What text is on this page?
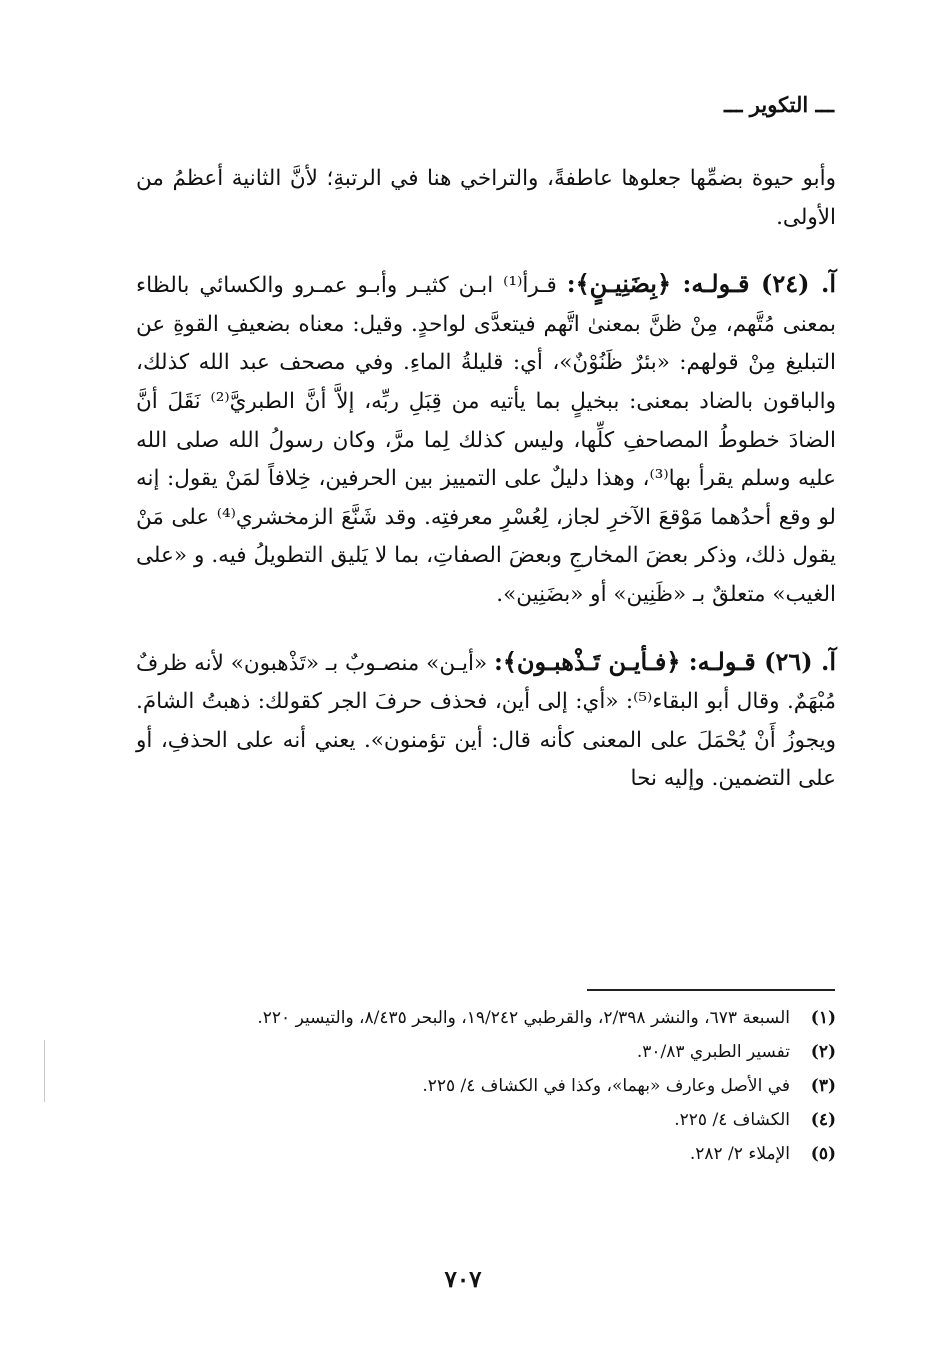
ـــ التكوير ـــ

وأبو حيوة بضمِّها جعلوها عاطفةً، والتراخي هنا في الرتبةِ؛ لأنَّ الثانية أعظمُ من الأولى.

آ. (٢٤) قـولـه: ﴿بِضَنِيـنٍ﴾: قـرأ⁽¹⁾ ابـن كثيـر وأبـو عمـرو والكسائي بالظاء بمعنى مُتَّهم، مِنْ ظنَّ بمعنىٰ اتَّهم فيتعدَّى لواحدٍ. وقيل: معناه بضعيفِ القوةِ عن التبليغ مِنْ قولهم: «بئرٌ ظَنُوْنٌ»، أي: قليلةُ الماءِ. وفي مصحف عبد الله كذلك، والباقون بالضاد بمعنى: ببخيلٍ بما يأتيه من قِبَلِ ربِّه، إلاَّ أنَّ الطبريَّ⁽²⁾ نَقَلَ أنَّ الضادَ خطوطُ المصاحفِ كلِّها، وليس كذلك لِما مرَّ، وكان رسولُ الله صلى الله عليه وسلم يقرأ بها⁽³⁾، وهذا دليلٌ على التمييز بين الحرفين، خِلافاً لمَنْ يقول: إنه لو وقع أحدُهما مَوْقعَ الآخرِ لجاز، لِعُسْرِ معرفتِه. وقد شَنَّعَ الزمخشري⁽⁴⁾ على مَنْ يقول ذلك، وذكر بعضَ المخارجِ وبعضَ الصفاتِ، بما لا يَليق التطويلُ فيه. و «على الغيب» متعلقٌ بـ «ظَنِين» أو «بضَنِين».

آ. (٢٦) قـولـه: ﴿فـأيـن تَـذْهبـون﴾: «أيـن» منصـوبٌ بـ «تَذْهبون» لأنه ظرفٌ مُبْهَمٌ. وقال أبو البقاء⁽⁵⁾: «أي: إلى أين، فحذف حرفَ الجر كقولك: ذهبتُ الشامَ. ويجوزُ أَنْ يُحْمَلَ على المعنى كأنه قال: أين تؤمنون». يعني أنه على الحذفِ، أو على التضمين. وإليه نحا

(١)
السبعة ٦٧٣، والنشر ٢/٣٩٨، والقرطبي ١٩/٢٤٢، والبحر ٨/٤٣٥، والتيسير ٢٢٠.
(٢)
تفسير الطبري ٣٠/٨٣.
(٣)
في الأصل وعارف «بهما»، وكذا في الكشاف ٤/ ٢٢٥.
(٤)
الكشاف ٤/ ٢٢٥.
(٥)
الإملاء ٢/ ٢٨٢.
٧٠٧
